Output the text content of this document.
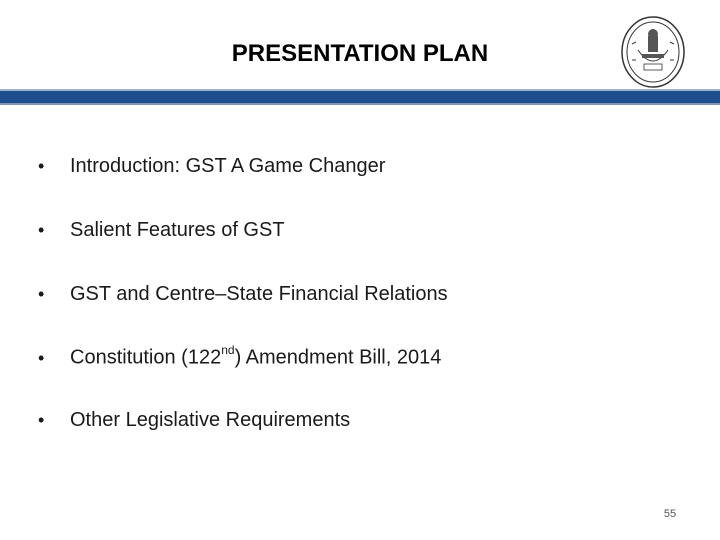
PRESENTATION PLAN
• Introduction: GST A Game Changer
• Salient Features of GST
• GST and Centre–State Financial Relations
• Constitution (122nd) Amendment Bill, 2014
• Other Legislative Requirements
55
